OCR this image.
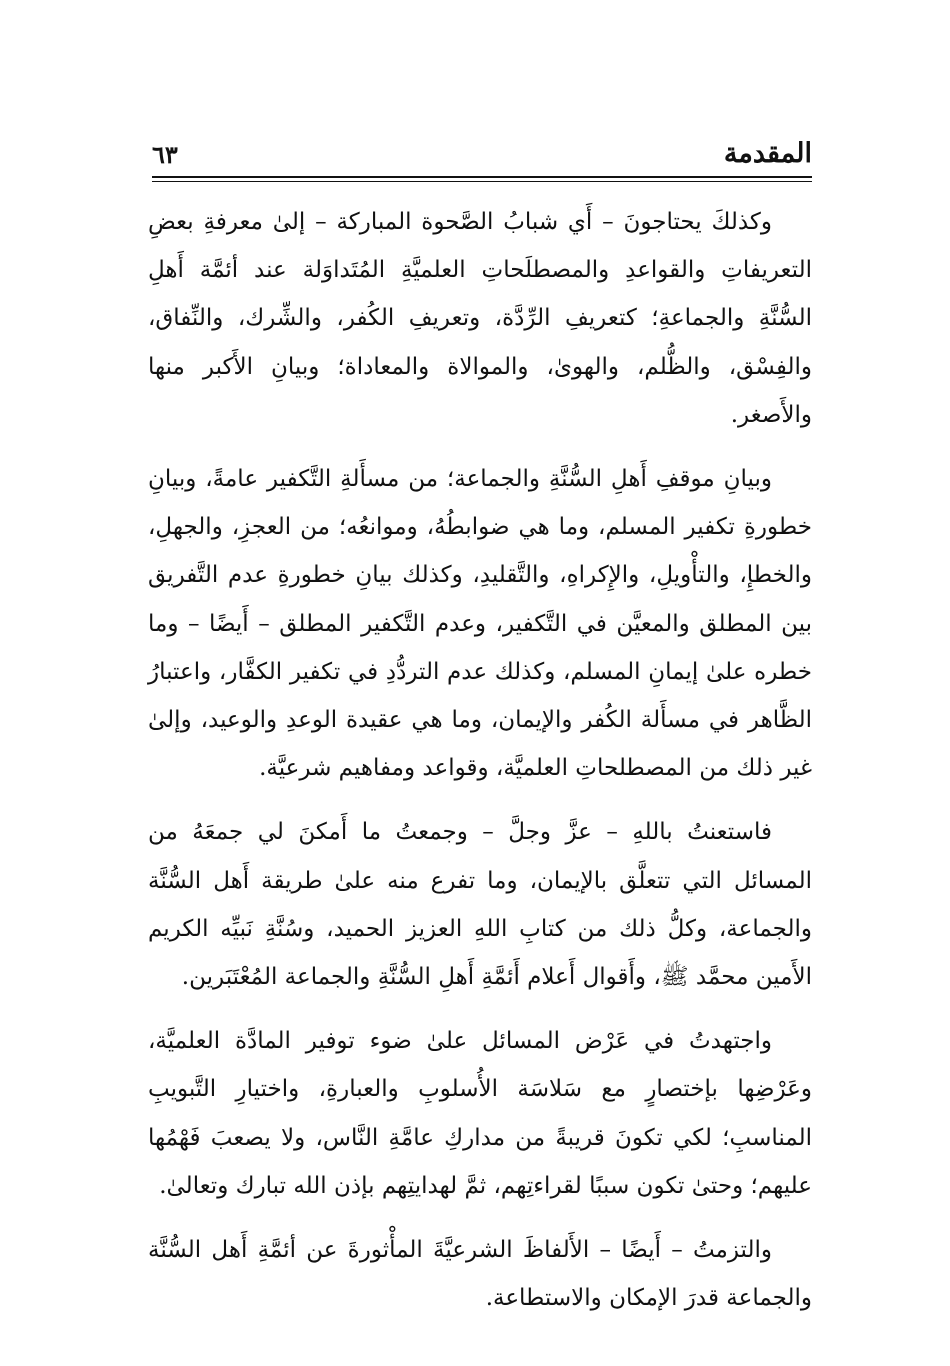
المقدمة
٦٣

وكذلكَ يحتاجونَ – أَي شبابُ الصَّحوة المباركة – إلىٰ معرفةِ بعضِ التعريفاتِ والقواعدِ والمصطلَحاتِ العلميَّةِ المُتَداوَلة عند أئمَّة أَهلِ السُّنَّةِ والجماعةِ؛ كتعريفِ الرِّدَّة، وتعريفِ الكُفر، والشِّرك، والنِّفاق، والفِسْق، والظُّلم، والهوىٰ، والموالاة والمعاداة؛ وبيانِ الأَكبر منها والأَصغر.

وبيانِ موقفِ أَهلِ السُّنَّةِ والجماعة؛ من مسأَلةِ التَّكفير عامةً، وبيانِ خطورةِ تكفير المسلم، وما هي ضوابطُهُ، وموانعُه؛ من العجزِ، والجهلِ، والخطإِ، والتأْويلِ، والإِكراهِ، والتَّقليدِ، وكذلك بيانِ خطورةِ عدم التَّفريق بين المطلق والمعيَّن في التَّكفير، وعدم التَّكفير المطلق – أَيضًا – وما خطره علىٰ إيمانِ المسلم، وكذلك عدم التردُّدِ في تكفير الكفَّار، واعتبارُ الظَّاهر في مسأَلة الكُفر والإيمان، وما هي عقيدة الوعدِ والوعيد، وإلىٰ غير ذلك من المصطلحاتِ العلميَّة، وقواعد ومفاهيم شرعيَّة.

فاستعنتُ باللهِ – عزَّ وجلَّ – وجمعتُ ما أَمكنَ لي جمعَهُ من المسائل التي تتعلَّق بالإيمان، وما تفرع منه علىٰ طريقة أَهل السُّنَّة والجماعة، وكلُّ ذلك من كتابِ اللهِ العزيز الحميد، وسُنَّةِ نَبيِّه الكريم الأَمين محمَّد ﷺ، وأَقوال أَعلام أَئمَّةِ أَهلِ السُّنَّةِ والجماعة المُعْتَبَرين.

واجتهدتُ في عَرْض المسائل علىٰ ضوء توفير المادَّة العلميَّة، وعَرْضِها بإختصارٍ مع سَلاسَة الأُسلوبِ والعبارةِ، واختيارِ التَّبويبِ المناسبِ؛ لكي تكونَ قريبةً من مداركِ عامَّةِ النَّاس، ولا يصعبَ فَهْمُها عليهم؛ وحتىٰ تكون سببًا لقراءتِهم، ثمَّ لهدايتِهم بإذن الله تبارك وتعالىٰ.

والتزمتُ – أَيضًا – الأَلفاظَ الشرعيَّةَ المأْثورةَ عن أئمَّةِ أَهل السُّنَّة والجماعة قدرَ الإمكان والاستطاعة.
